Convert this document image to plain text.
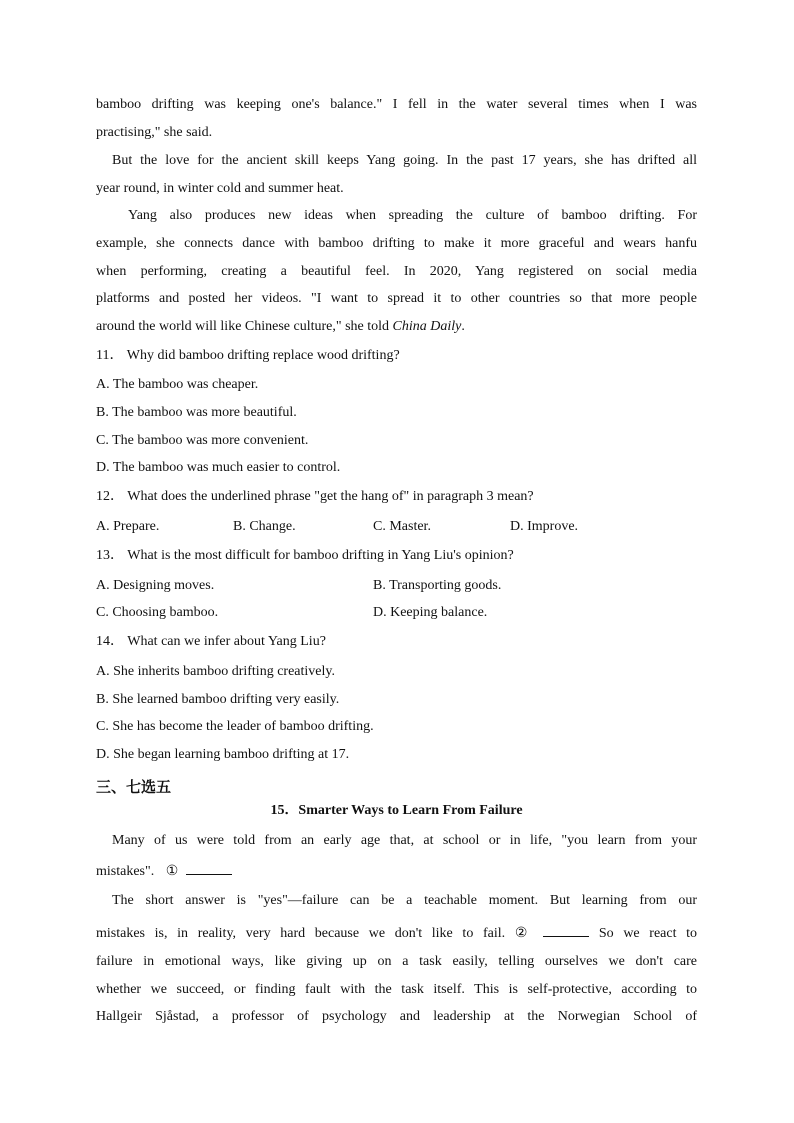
bamboo drifting was keeping one's balance." I fell in the water several times when I was
practising," she said.
But the love for the ancient skill keeps Yang going. In the past 17 years, she has drifted all
year round, in winter cold and summer heat.
Yang also produces new ideas when spreading the culture of bamboo drifting. For
example, she connects dance with bamboo drifting to make it more graceful and wears hanfu
when performing, creating a beautiful feel. In 2020, Yang registered on social media
platforms and posted her videos. "I want to spread it to other countries so that more people
around the world will like Chinese culture," she told China Daily.
11． Why did bamboo drifting replace wood drifting?
A. The bamboo was cheaper.
B. The bamboo was more beautiful.
C. The bamboo was more convenient.
D. The bamboo was much easier to control.
12． What does the underlined phrase "get the hang of" in paragraph 3 mean?
A. Prepare.	B. Change.	C. Master.	D. Improve.
13． What is the most difficult for bamboo drifting in Yang Liu's opinion?
A. Designing moves.	B. Transporting goods.
C. Choosing bamboo.	D. Keeping balance.
14． What can we infer about Yang Liu?
A. She inherits bamboo drifting creatively.
B. She learned bamboo drifting very easily.
C. She has become the leader of bamboo drifting.
D. She began learning bamboo drifting at 17.
三、七选五
15．Smarter Ways to Learn From Failure
Many of us were told from an early age that, at school or in life, "you learn from your
mistakes". ①
The short answer is "yes"—failure can be a teachable moment. But learning from our
mistakes is, in reality, very hard because we don't like to fail. ②	So we react to
failure in emotional ways, like giving up on a task easily, telling ourselves we don't care
whether we succeed, or finding fault with the task itself. This is self-protective, according to
Hallgeir Sjåstad, a professor of psychology and leadership at the Norwegian School of
